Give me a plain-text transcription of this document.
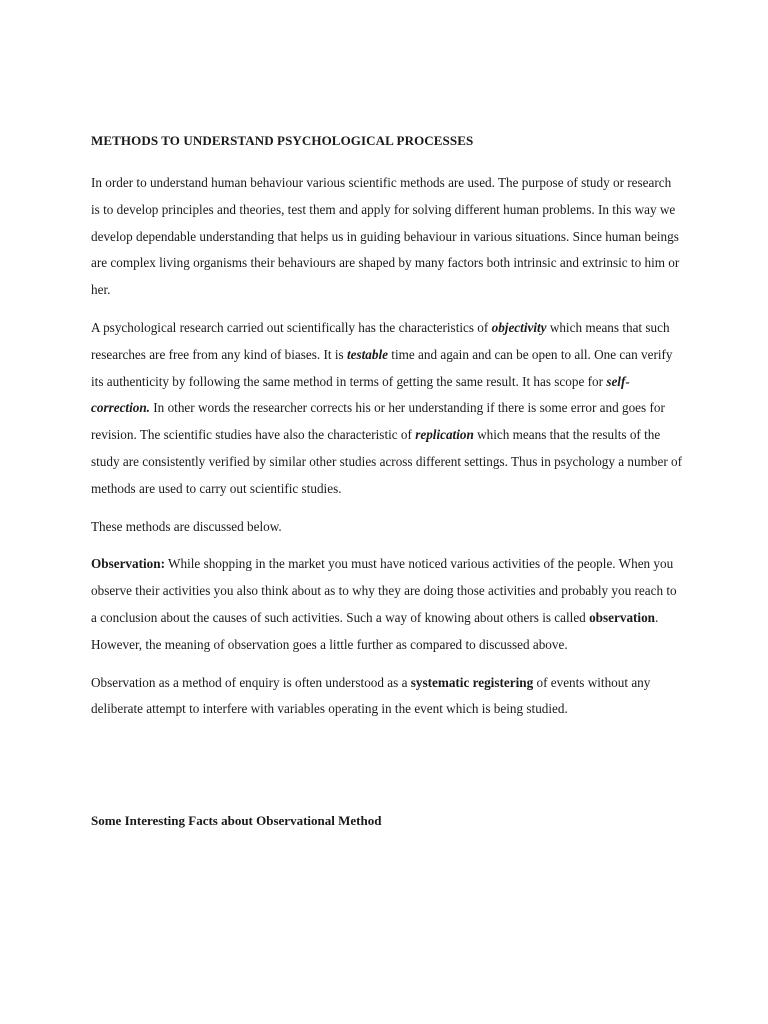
METHODS TO UNDERSTAND PSYCHOLOGICAL PROCESSES

In order to understand human behaviour various scientific methods are used. The purpose of study or research is to develop principles and theories, test them and apply for solving different human problems. In this way we develop dependable understanding that helps us in guiding behaviour in various situations. Since human beings are complex living organisms their behaviours are shaped by many factors both intrinsic and extrinsic to him or her.

A psychological research carried out scientifically has the characteristics of objectivity which means that such researches are free from any kind of biases. It is testable time and again and can be open to all. One can verify its authenticity by following the same method in terms of getting the same result. It has scope for self-correction. In other words the researcher corrects his or her understanding if there is some error and goes for revision. The scientific studies have also the characteristic of replication which means that the results of the study are consistently verified by similar other studies across different settings. Thus in psychology a number of methods are used to carry out scientific studies.

These methods are discussed below.

Observation: While shopping in the market you must have noticed various activities of the people. When you observe their activities you also think about as to why they are doing those activities and probably you reach to a conclusion about the causes of such activities. Such a way of knowing about others is called observation. However, the meaning of observation goes a little further as compared to discussed above.

Observation as a method of enquiry is often understood as a systematic registering of events without any deliberate attempt to interfere with variables operating in the event which is being studied.

Some Interesting Facts about Observational Method
